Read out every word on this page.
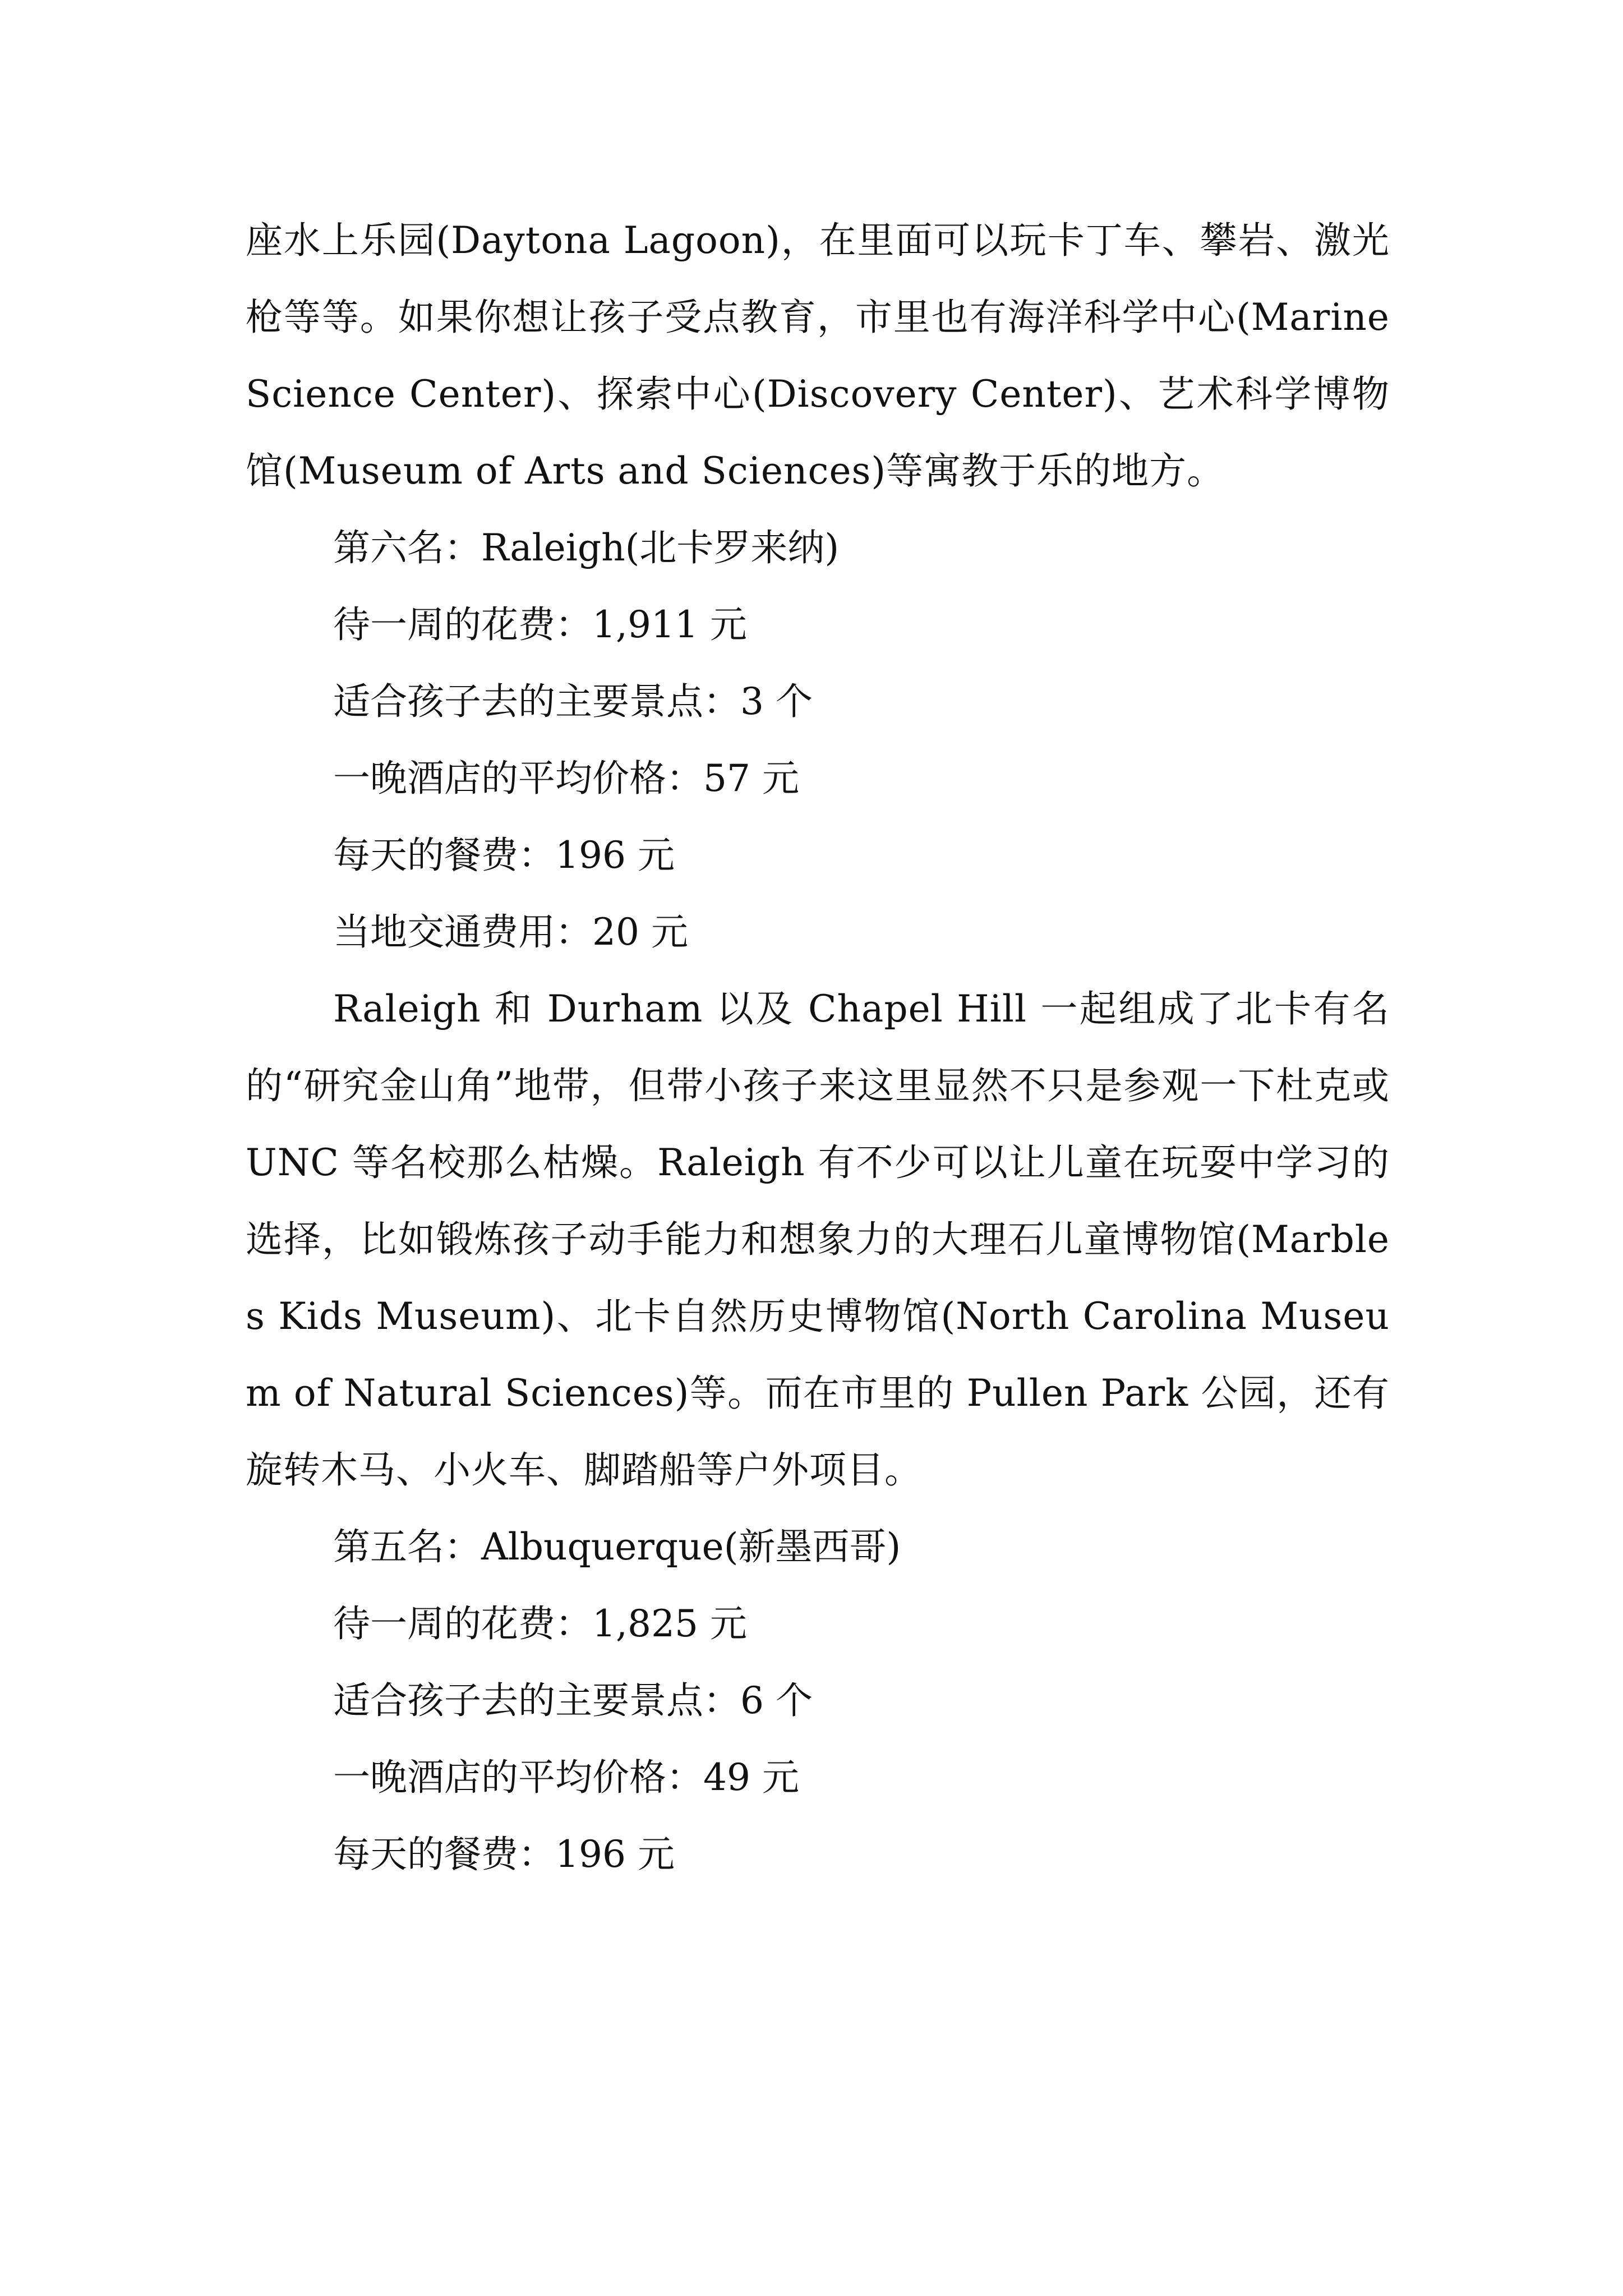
座水上乐园(Daytona Lagoon)，在里面可以玩卡丁车、攀岩、激光枪等等。如果你想让孩子受点教育，市里也有海洋科学中心(Marine Science Center)、探索中心(Discovery Center)、艺术科学博物馆(Museum of Arts and Sciences)等寓教于乐的地方。

第六名：Raleigh(北卡罗来纳)

待一周的花费：1,911 元

适合孩子去的主要景点：3 个

一晚酒店的平均价格：57 元

每天的餐费：196 元

当地交通费用：20 元

Raleigh 和 Durham 以及 Chapel Hill 一起组成了北卡有名的“研究金山角”地带，但带小孩子来这里显然不只是参观一下杜克或 UNC 等名校那么枯燥。Raleigh 有不少可以让儿童在玩耍中学习的选择，比如锻炼孩子动手能力和想象力的大理石儿童博物馆(Marbles Kids Museum)、北卡自然历史博物馆(North Carolina Museum of Natural Sciences)等。而在市里的 Pullen Park 公园，还有旋转木马、小火车、脚踏船等户外项目。

第五名：Albuquerque(新墨西哥)

待一周的花费：1,825 元

适合孩子去的主要景点：6 个

一晚酒店的平均价格：49 元

每天的餐费：196 元
